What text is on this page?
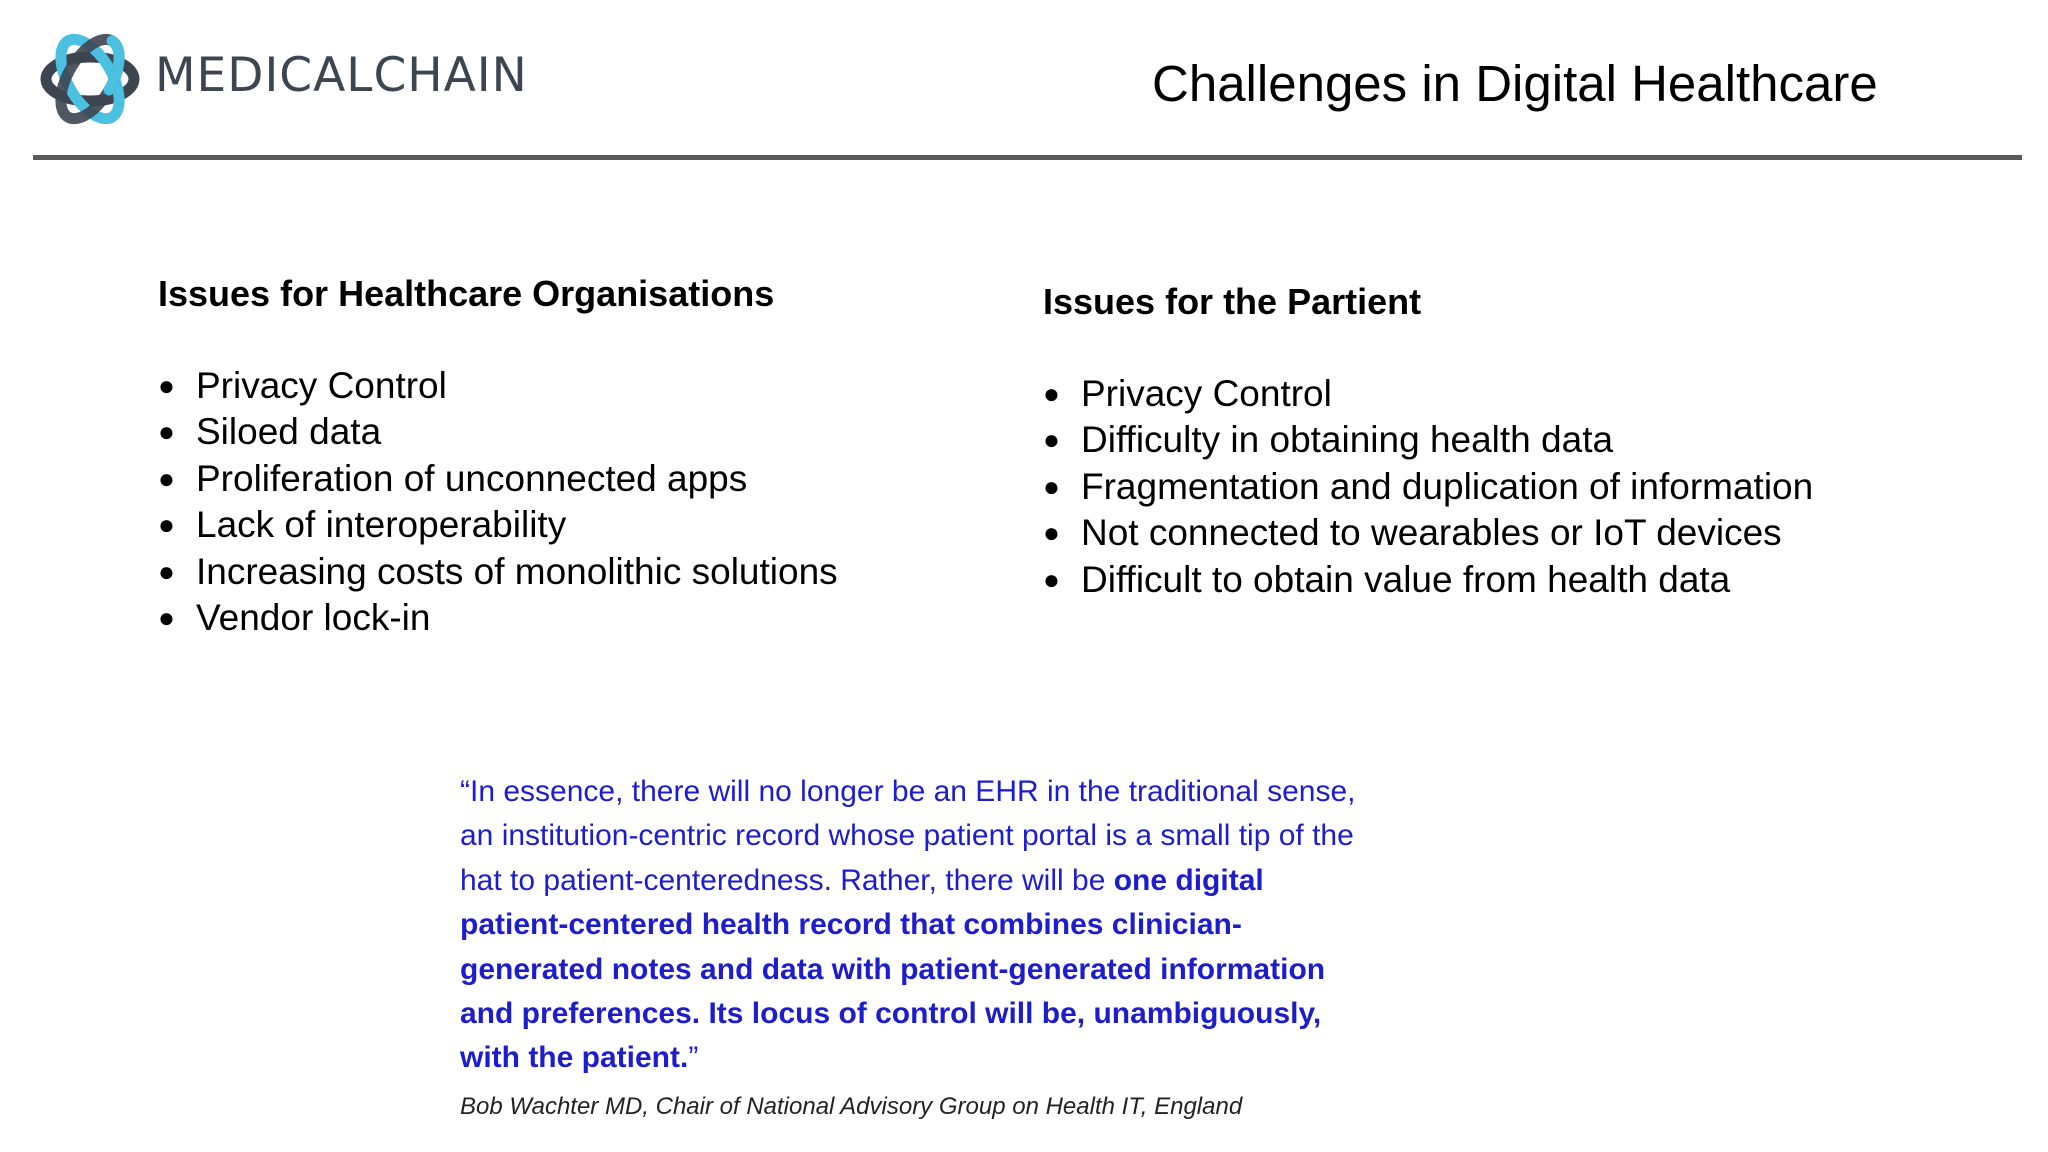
MEDICALCHAIN	Challenges in Digital Healthcare
Issues for Healthcare Organisations
● Privacy Control
● Siloed data
● Proliferation of unconnected apps
● Lack of interoperability
● Increasing costs of monolithic solutions
● Vendor lock-in
Issues for the Partient
● Privacy Control
● Difficulty in obtaining health data
● Fragmentation and duplication of information
● Not connected to wearables or IoT devices
● Difficult to obtain value from health data
“In essence, there will no longer be an EHR in the traditional sense,
an institution-centric record whose patient portal is a small tip of the
hat to patient-centeredness. Rather, there will be one digital
patient-centered health record that combines clinician-
generated notes and data with patient-generated information
and preferences. Its locus of control will be, unambiguously,
with the patient.”
Bob Wachter MD, Chair of National Advisory Group on Health IT, England
